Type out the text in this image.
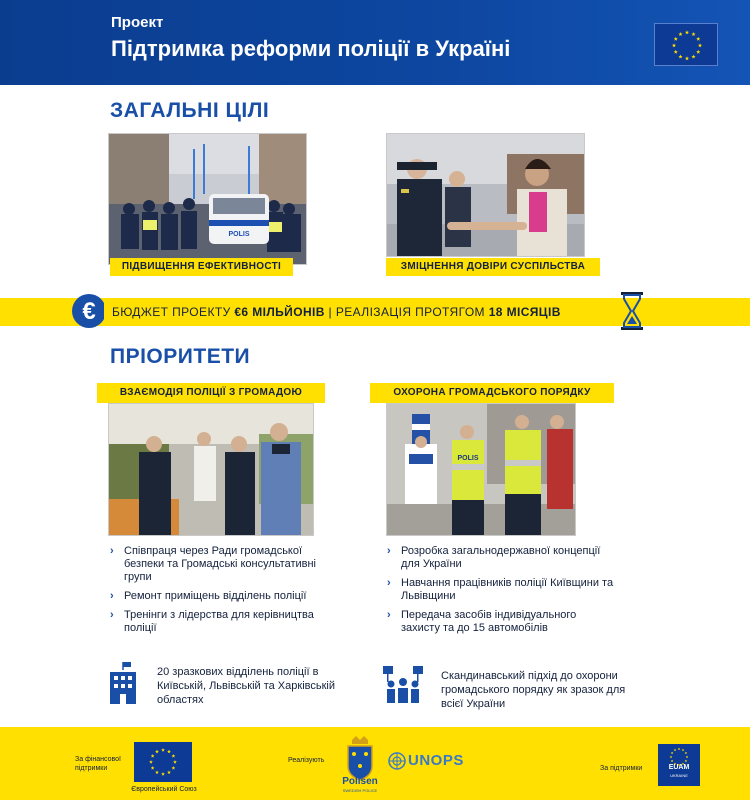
Проект
Підтримка реформи поліції в Україні
ЗАГАЛЬНІ ЦІЛІ
POLIS
ПІДВИЩЕННЯ ЕФЕКТИВНОСТІ	ЗМІЦНЕННЯ ДОВІРИ СУСПІЛЬСТВА
€ БЮДЖЕТ ПРОЕКТУ €6 МІЛЬЙОНІВ | РЕАЛІЗАЦІЯ ПРОТЯГОМ 18 МІСЯЦІВ
ПРІОРИТЕТИ
ВЗАЄМОДІЯ ПОЛІЦІЇ З ГРОМАДОЮ	ОХОРОНА ГРОМАДСЬКОГО ПОРЯДКУ
POLIS
› Співпраця через Ради громадської безпеки та Громадські консультативні групи
› Ремонт приміщень відділень поліції
› Тренінги з лідерства для керівництва поліції
› Розробка загальнодержавної концепції для України
› Навчання працівників поліції Київщини та Львівщини
› Передача засобів індивідуального захисту та до 15 автомобілів
20 зразкових відділень поліції в Київській, Львівській та Харківській областях
Скандинавський підхід до охорони громадського порядку як зразок для всієї України
За фінансової підтримки
Європейський Союз
Реалізують
Polisen
SWEDISH POLICE
UNOPS	За підтримки	EUAM
UKRAINE
